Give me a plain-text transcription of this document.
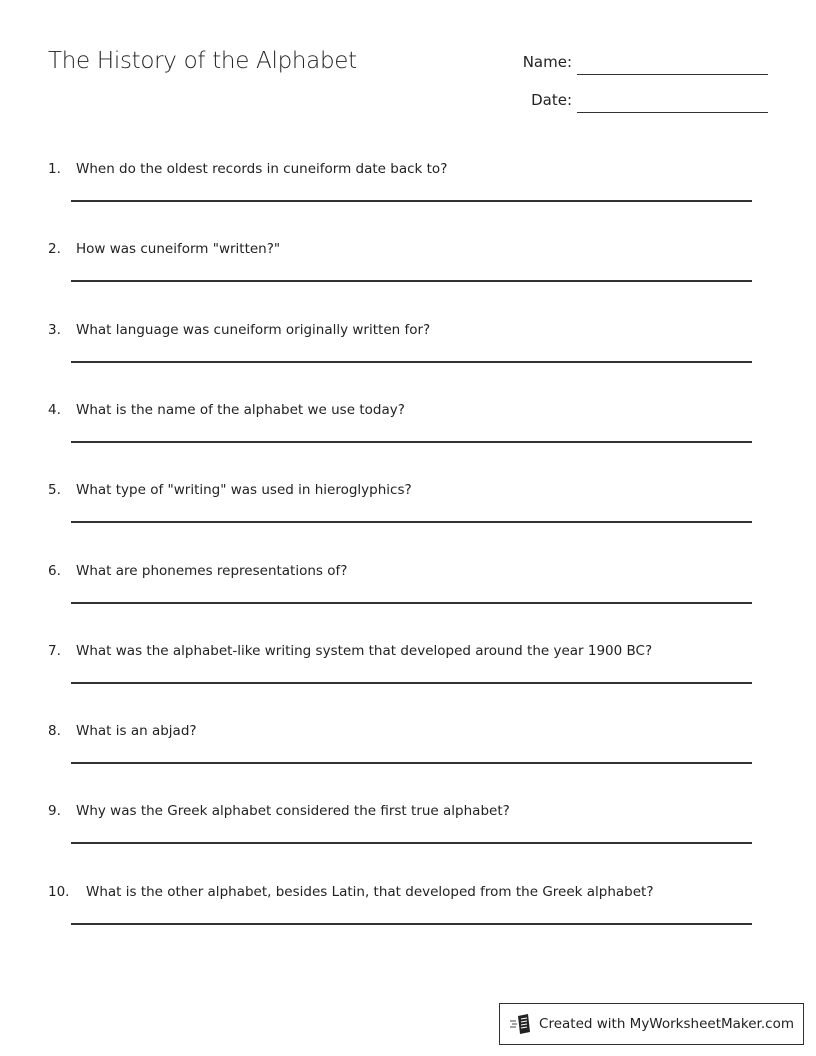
The History of the Alphabet	Name:
Date:
1. When do the oldest records in cuneiform date back to?
2. How was cuneiform "written?"
3. What language was cuneiform originally written for?
4. What is the name of the alphabet we use today?
5. What type of "writing" was used in hieroglyphics?
6. What are phonemes representations of?
7. What was the alphabet-like writing system that developed around the year 1900 BC?
8. What is an abjad?
9. Why was the Greek alphabet considered the first true alphabet?
10. What is the other alphabet, besides Latin, that developed from the Greek alphabet?
Created with MyWorksheetMaker.com
